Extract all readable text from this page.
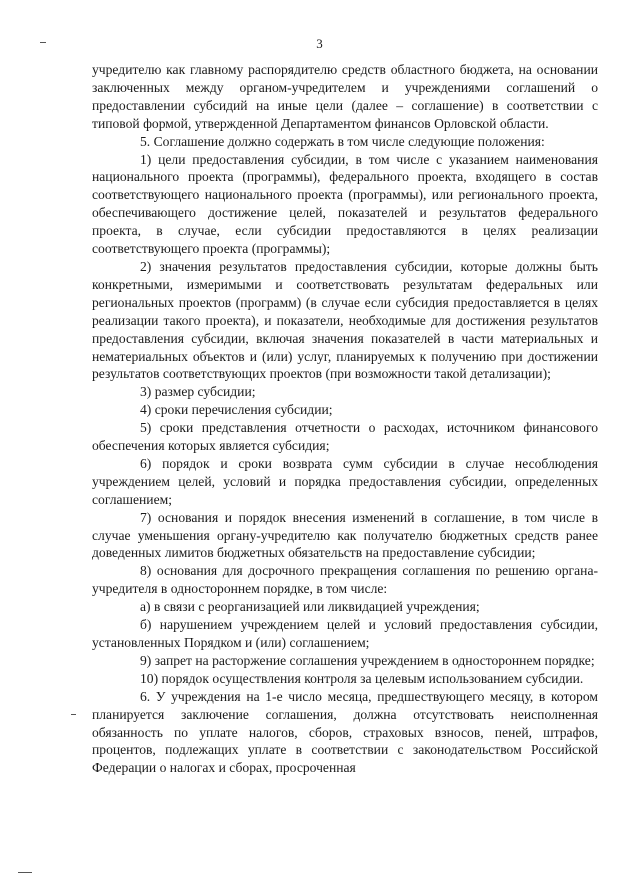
3

учредителю как главному распорядителю средств областного бюджета, на основании заключенных между органом-учредителем и учреждениями соглашений о предоставлении субсидий на иные цели (далее – соглашение) в соответствии с типовой формой, утвержденной Департаментом финансов Орловской области.

5. Соглашение должно содержать в том числе следующие положения:

1) цели предоставления субсидии, в том числе с указанием наименования национального проекта (программы), федерального проекта, входящего в состав соответствующего национального проекта (программы), или регионального проекта, обеспечивающего достижение целей, показателей и результатов федерального проекта, в случае, если субсидии предоставляются в целях реализации соответствующего проекта (программы);

2) значения результатов предоставления субсидии, которые должны быть конкретными, измеримыми и соответствовать результатам федеральных или региональных проектов (программ) (в случае если субсидия предоставляется в целях реализации такого проекта), и показатели, необходимые для достижения результатов предоставления субсидии, включая значения показателей в части материальных и нематериальных объектов и (или) услуг, планируемых к получению при достижении результатов соответствующих проектов (при возможности такой детализации);

3) размер субсидии;

4) сроки перечисления субсидии;

5) сроки представления отчетности о расходах, источником финансового обеспечения которых является субсидия;

6) порядок и сроки возврата сумм субсидии в случае несоблюдения учреждением целей, условий и порядка предоставления субсидии, определенных соглашением;

7) основания и порядок внесения изменений в соглашение, в том числе в случае уменьшения органу-учредителю как получателю бюджетных средств ранее доведенных лимитов бюджетных обязательств на предоставление субсидии;

8) основания для досрочного прекращения соглашения по решению органа-учредителя в одностороннем порядке, в том числе:

а) в связи с реорганизацией или ликвидацией учреждения;

б) нарушением учреждением целей и условий предоставления субсидии, установленных Порядком и (или) соглашением;

9) запрет на расторжение соглашения учреждением в одностороннем порядке;

10) порядок осуществления контроля за целевым использованием субсидии.

6. У учреждения на 1-е число месяца, предшествующего месяцу, в котором планируется заключение соглашения, должна отсутствовать неисполненная обязанность по уплате налогов, сборов, страховых взносов, пеней, штрафов, процентов, подлежащих уплате в соответствии с законодательством Российской Федерации о налогах и сборах, просроченная
